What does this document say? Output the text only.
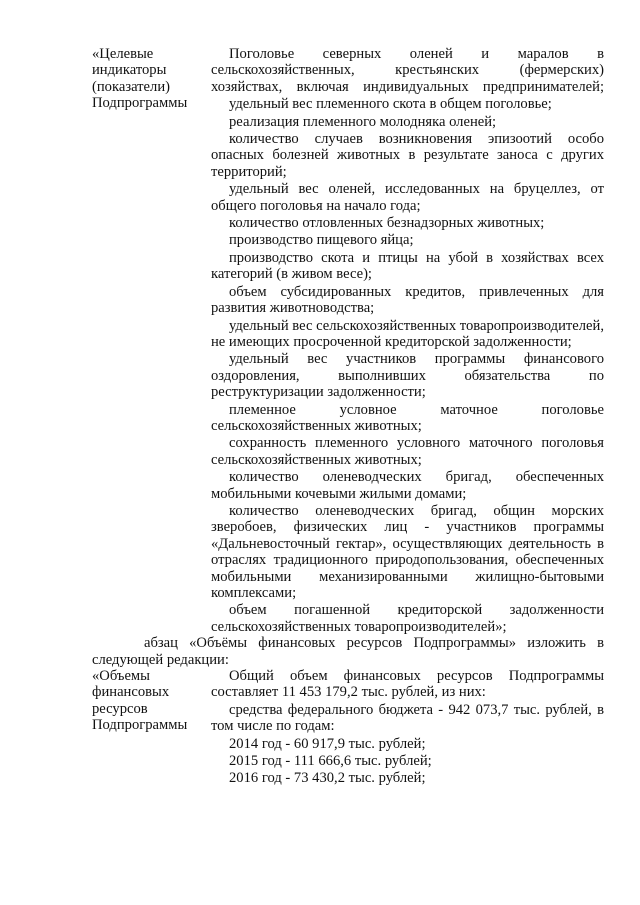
«Целевые
индикаторы
(показатели)
Подпрограммы

Поголовье северных оленей и маралов в сельскохозяйственных, крестьянских (фермерских) хозяйствах, включая индивидуальных предпринимателей;

удельный вес племенного скота в общем поголовье;

реализация племенного молодняка оленей;

количество случаев возникновения эпизоотий особо опасных болезней животных в результате заноса с других территорий;

удельный вес оленей, исследованных на бруцеллез, от общего поголовья на начало года;

количество отловленных безнадзорных животных;

производство пищевого яйца;

производство скота и птицы на убой в хозяйствах всех категорий (в живом весе);

объем субсидированных кредитов, привлеченных для развития животноводства;

удельный вес сельскохозяйственных товаропроизводителей, не имеющих просроченной кредиторской задолженности;

удельный вес участников программы финансового оздоровления, выполнивших обязательства по реструктуризации задолженности;

племенное условное маточное поголовье сельскохозяйственных животных;

сохранность племенного условного маточного поголовья сельскохозяйственных животных;

количество оленеводческих бригад, обеспеченных мобильными кочевыми жилыми домами;

количество оленеводческих бригад, общин морских зверобоев, физических лиц - участников программы «Дальневосточный гектар», осуществляющих деятельность в отраслях традиционного природопользования, обеспеченных мобильными механизированными жилищно-бытовыми комплексами;

объем погашенной кредиторской задолженности сельскохозяйственных товаропроизводителей»;

абзац «Объёмы финансовых ресурсов Подпрограммы» изложить в следующей редакции:

«Объемы
финансовых
ресурсов
Подпрограммы

Общий объем финансовых ресурсов Подпрограммы составляет 11 453 179,2 тыс. рублей, из них:

средства федерального бюджета - 942 073,7 тыс. рублей, в том числе по годам:

2014 год - 60 917,9 тыс. рублей;

2015 год - 111 666,6 тыс. рублей;

2016 год - 73 430,2 тыс. рублей;
